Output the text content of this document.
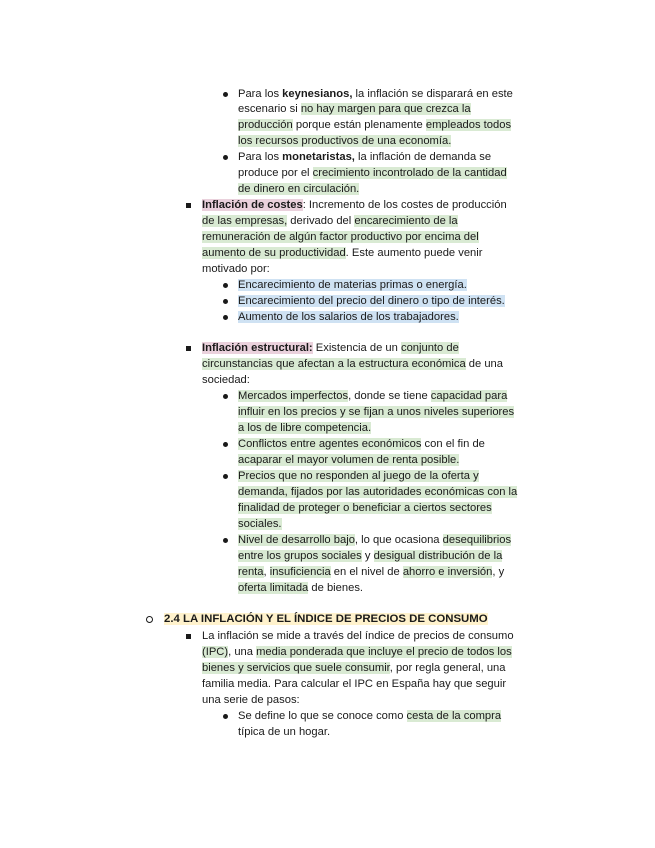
Para los keynesianos, la inflación se disparará en este
escenario si no hay margen para que crezca la
producción porque están plenamente empleados todos
los recursos productivos de una economía.
Para los monetaristas, la inflación de demanda se
produce por el crecimiento incontrolado de la cantidad
de dinero en circulación.
Inflación de costes: Incremento de los costes de producción
de las empresas, derivado del encarecimiento de la
remuneración de algún factor productivo por encima del
aumento de su productividad. Este aumento puede venir
motivado por:
Encarecimiento de materias primas o energía.
Encarecimiento del precio del dinero o tipo de interés.
Aumento de los salarios de los trabajadores.
Inflación estructural: Existencia de un conjunto de
circunstancias que afectan a la estructura económica de una
sociedad:
Mercados imperfectos, donde se tiene capacidad para
influir en los precios y se fijan a unos niveles superiores
a los de libre competencia.
Conflictos entre agentes económicos con el fin de
acaparar el mayor volumen de renta posible.
Precios que no responden al juego de la oferta y
demanda, fijados por las autoridades económicas con la
finalidad de proteger o beneficiar a ciertos sectores
sociales.
Nivel de desarrollo bajo, lo que ocasiona desequilibrios
entre los grupos sociales y desigual distribución de la
renta, insuficiencia en el nivel de ahorro e inversión, y
oferta limitada de bienes.
2.4 LA INFLACIÓN Y EL ÍNDICE DE PRECIOS DE CONSUMO
La inflación se mide a través del índice de precios de consumo
(IPC), una media ponderada que incluye el precio de todos los
bienes y servicios que suele consumir, por regla general, una
familia media. Para calcular el IPC en España hay que seguir
una serie de pasos:
Se define lo que se conoce como cesta de la compra
típica de un hogar.
